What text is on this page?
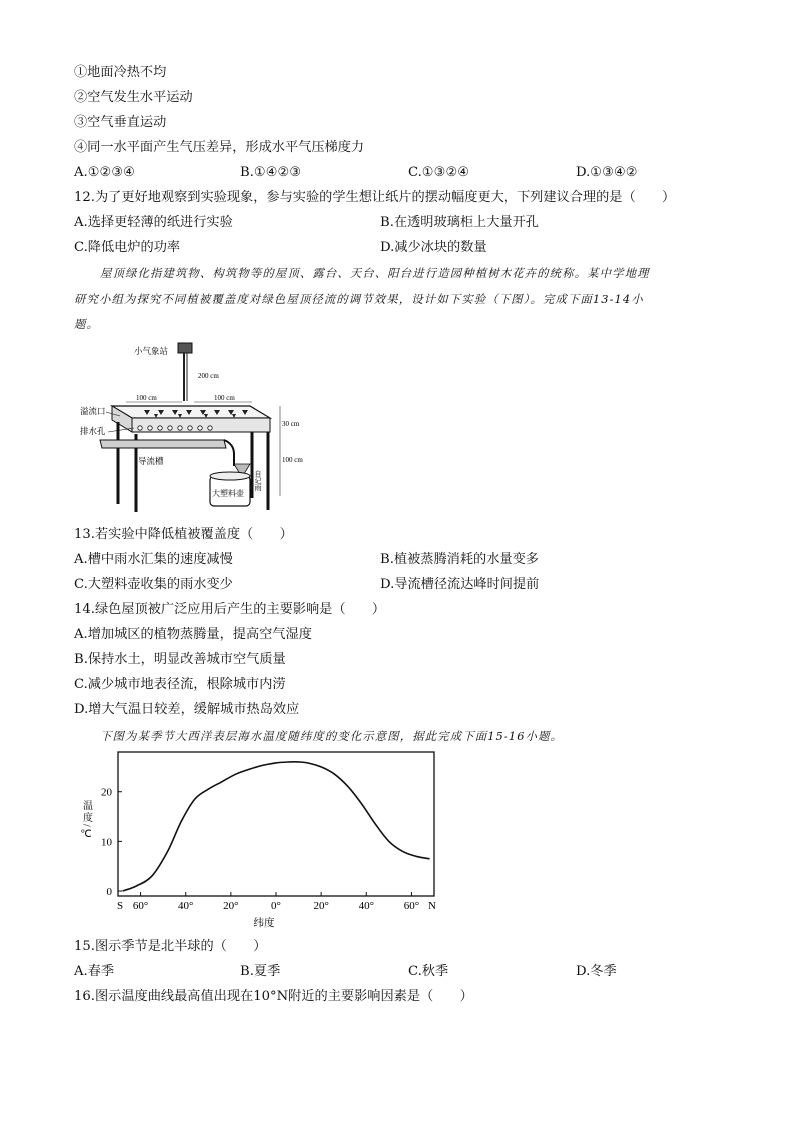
①地面冷热不均
②空气发生水平运动
③空气垂直运动
④同一水平面产生气压差异，形成水平气压梯度力
A.①②③④	B.①④②③	C.①③②④	D.①③④②
12.为了更好地观察到实验现象，参与实验的学生想让纸片的摆动幅度更大，下列建议合理的是（　　）
A.选择更轻薄的纸进行实验	B.在透明玻璃柜上大量开孔
C.降低电炉的功率	D.减少冰块的数量
屋顶绿化指建筑物、构筑物等的屋顶、露台、天台、阳台进行造园种植树木花卉的统称。某中学地理
研究小组为探究不同植被覆盖度对绿色屋顶径流的调节效果，设计如下实验（下图）。完成下面13-14小
题。
小气象站
200 cm
100 cm	100 cm
30 cm
100 cm
溢流口
排水孔
导流槽
自记雨
大塑料壶
13.若实验中降低植被覆盖度（　　）
A.槽中雨水汇集的速度减慢	B.植被蒸腾消耗的水量变多
C.大塑料壶收集的雨水变少	D.导流槽径流达峰时间提前
14.绿色屋顶被广泛应用后产生的主要影响是（　　）
A.增加城区的植物蒸腾量，提高空气湿度
B.保持水土，明显改善城市空气质量
C.减少城市地表径流，根除城市内涝
D.增大气温日较差，缓解城市热岛效应
下图为某季节大西洋表层海水温度随纬度的变化示意图，据此完成下面15-16小题。
0
10
20
S 60°	40°	20°	0°	20°	40°	60° N
温度/℃
纬度
15.图示季节是北半球的（　　）
A.春季	B.夏季	C.秋季	D.冬季
16.图示温度曲线最高值出现在10°N附近的主要影响因素是（　　）
